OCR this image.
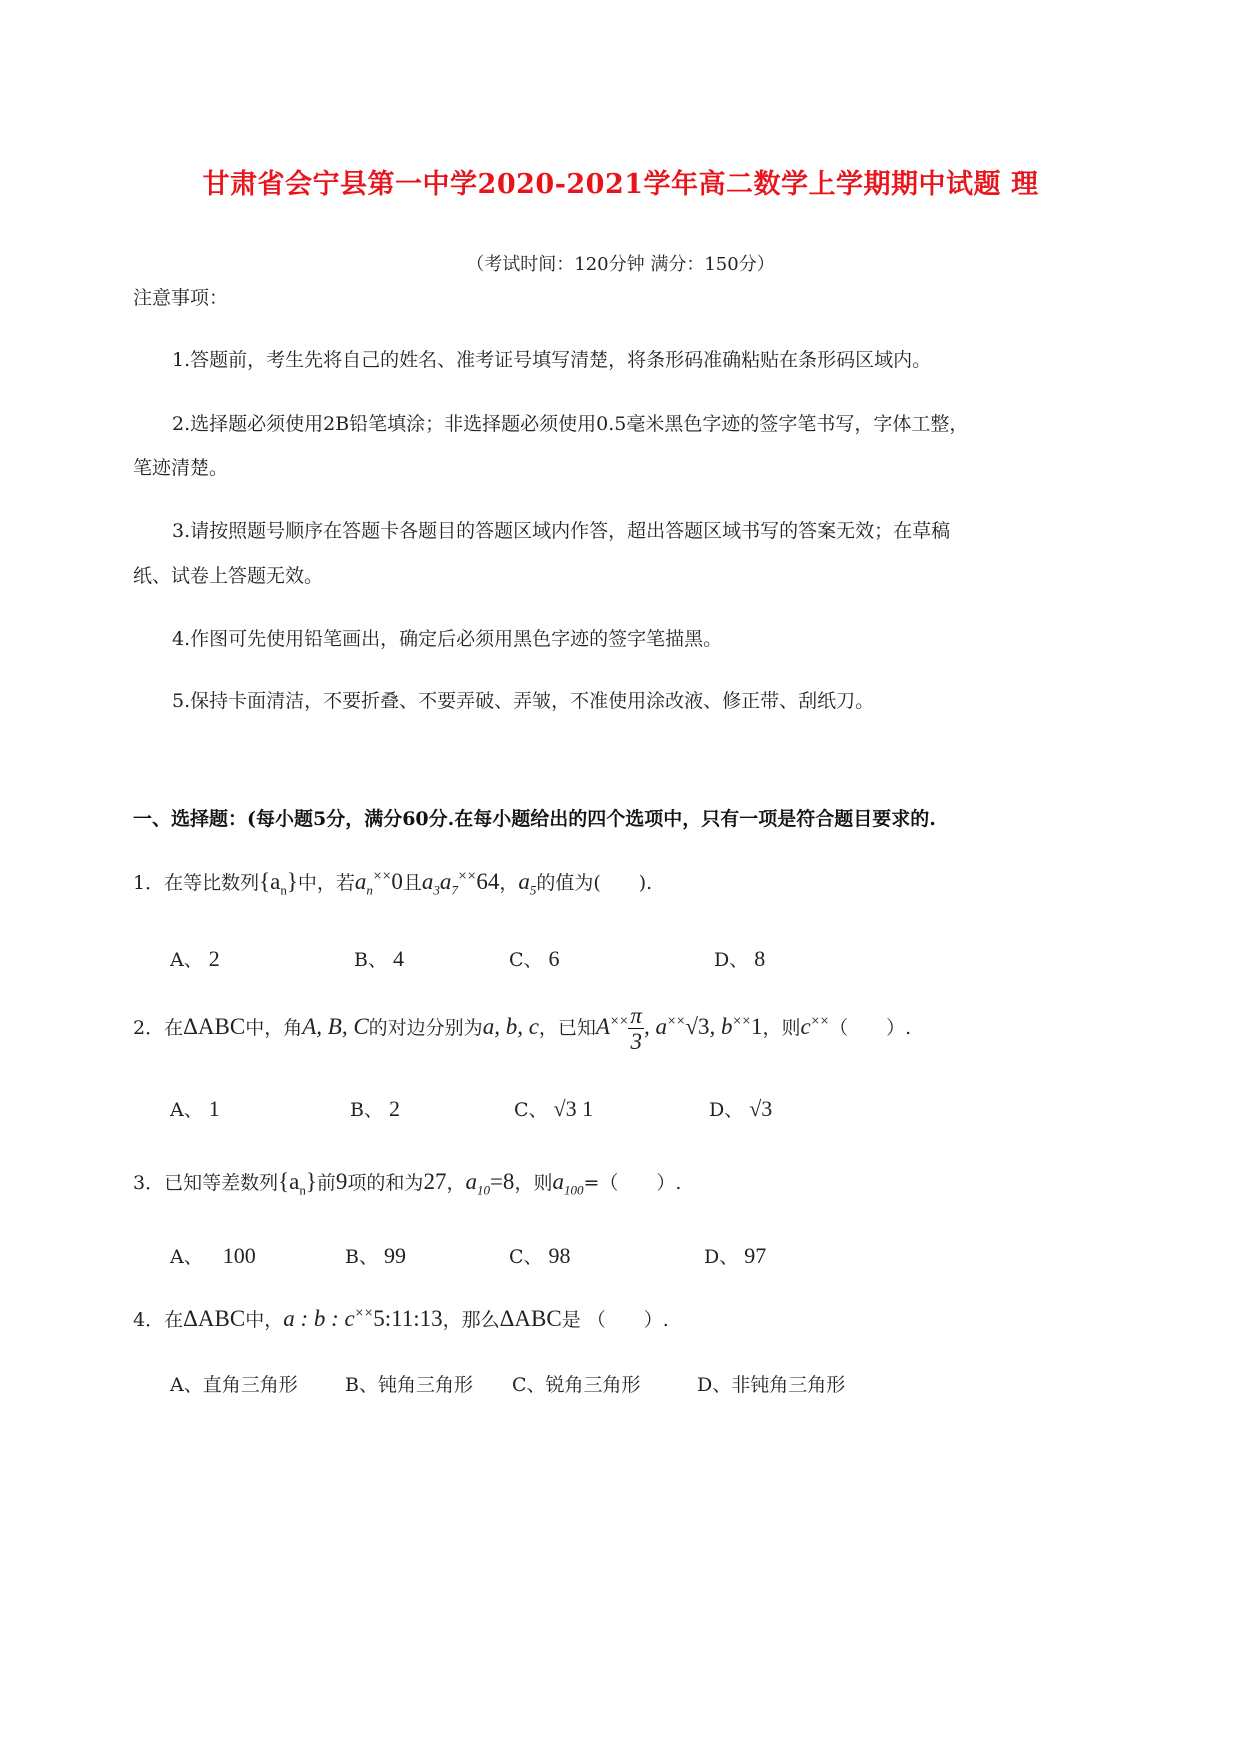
甘肃省会宁县第一中学2020-2021学年高二数学上学期期中试题 理
（考试时间：120分钟 满分：150分）
注意事项：
1.答题前，考生先将自己的姓名、准考证号填写清楚，将条形码准确粘贴在条形码区域内。
2.选择题必须使用2B铅笔填涂；非选择题必须使用0.5毫米黑色字迹的签字笔书写，字体工整，
笔迹清楚。
3.请按照题号顺序在答题卡各题目的答题区域内作答，超出答题区域书写的答案无效；在草稿
纸、试卷上答题无效。
4.作图可先使用铅笔画出，确定后必须用黑色字迹的签字笔描黑。
5.保持卡面清洁，不要折叠、不要弄破、弄皱，不准使用涂改液、修正带、刮纸刀。
一、选择题：(每小题5分，满分60分.在每小题给出的四个选项中，只有一项是符合题目要求的.
1．在等比数列$\{a_n\}$中，若$a_n^{\times\times}0$且$a_3a_7^{\times\times}64$，$a_5$的值为(　　).
A、 2	B、 4	C、 6	D、 8
2．在ΔABC中，角A, B, C的对边分别为a, b, c，已知$A^{\times\times} \frac{\pi}{3}$ , a××√3, b××1，则c××（　　）.
A、 1	B、 2	C、 √3 1	D、 √3
3．已知等差数列$\{a_n\}$前9项的和为27，$a_{10}=8$，则$a_{100}=$（　　）.
A、 100	B、 99	C、 98	D、 97
4．在ΔABC中，a : b : c××5:11:13，那么ΔABC是 （　　）.
A、直角三角形 B、钝角三角形 C、锐角三角形	D、非钝角三角形
